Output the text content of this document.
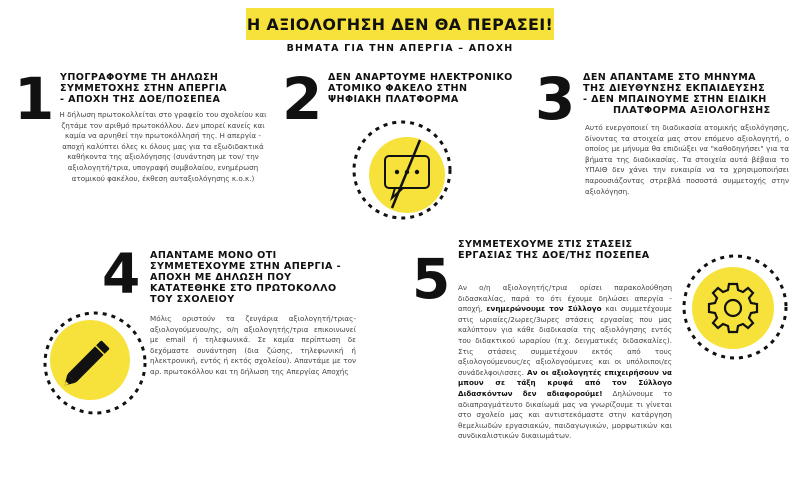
Η ΑΞΙΟΛΟΓΗΣΗ ΔΕΝ ΘΑ ΠΕΡΑΣΕΙ!
ΒΗΜΑΤΑ ΓΙΑ ΤΗΝ ΑΠΕΡΓΙΑ – ΑΠΟΧΗ
1 ΥΠΟΓΡΑΦΟΥΜΕ ΤΗ ΔΗΛΩΣΗ
ΣΥΜΜΕΤΟΧΗΣ ΣΤΗΝ ΑΠΕΡΓΙΑ
- ΑΠΟΧΗ ΤΗΣ ΔΟΕ/ΠΟΣΕΠΕΑ
Η δήλωση πρωτοκολλείται στο γραφείο του σχολείου και ζητάμε τον αριθμό πρωτοκόλλου. Δεν μπορεί κανείς και καμία να αρνηθεί την πρωτοκόλλησή της. Η απεργία - αποχή καλύπτει όλες κι όλους μας για τα εξωδιδακτικά καθήκοντα της αξιολόγησης (συνάντηση με τον/ την αξιολογητή/τρια, υπογραφή συμβολαίου, ενημέρωση ατομικού φακέλου, έκθεση αυταξιολόγησης κ.ο.κ.)
2 ΔΕΝ ΑΝΑΡΤΟΥΜΕ ΗΛΕΚΤΡΟΝΙΚΟ
ΑΤΟΜΙΚΟ ΦΑΚΕΛΟ ΣΤΗΝ
ΨΗΦΙΑΚΗ ΠΛΑΤΦΟΡΜΑ	3 ΔΕΝ ΑΠΑΝΤΑΜΕ ΣΤΟ ΜΗΝΥΜΑ
ΤΗΣ ΔΙΕΥΘΥΝΣΗΣ ΕΚΠΑΙΔΕΥΣΗΣ
- ΔΕΝ ΜΠΑΙΝΟΥΜΕ ΣΤΗΝ ΕΙΔΙΚΗ
ΠΛΑΤΦΟΡΜΑ ΑΞΙΟΛΟΓΗΣΗΣ
Αυτό ενεργοποιεί τη διαδικασία ατομικής αξιολόγησης, δίνοντας τα στοιχεία μας στον επόμενο αξιολογητή, ο οποίος με μήνυμα θα επιδιώξει να "καθοδηγήσει" για τα βήματα της διαδικασίας. Τα στοιχεία αυτά βέβαια το ΥΠΑΙΘ δεν χάνει την ευκαιρία να τα χρησιμοποιήσει παρουσιάζοντας στρεβλά ποσοστά συμμετοχής στην αξιολόγηση.
4 ΑΠΑΝΤΑΜΕ ΜΟΝΟ ΟΤΙ
ΣΥΜΜΕΤΕΧΟΥΜΕ ΣΤΗΝ ΑΠΕΡΓΙΑ -
ΑΠΟΧΗ ΜΕ ΔΗΛΩΣΗ ΠΟΥ
ΚΑΤΑΤΕΘΗΚΕ ΣΤΟ ΠΡΩΤΟΚΟΛΛΟ
ΤΟΥ ΣΧΟΛΕΙΟΥ
Μόλις οριστούν τα ζευγάρια αξιολογητή/τριας-αξιολογούμενου/ης, ο/η αξιολογητής/τρια επικοινωνεί με email ή τηλεφωνικά. Σε καμία περίπτωση δε δεχόμαστε συνάντηση (δια ζώσης, τηλεφωνική ή ηλεκτρονική, εντός ή εκτός σχολείου). Απαντάμε με τον αρ. πρωτοκόλλου και τη δήλωση της Απεργίας Αποχής
5
ΣΥΜΜΕΤΕΧΟΥΜΕ ΣΤΙΣ ΣΤΑΣΕΙΣ
ΕΡΓΑΣΙΑΣ ΤΗΣ ΔΟΕ/ΤΗΣ ΠΟΣΕΠΕΑ
Αν ο/η αξιολογητής/τρια ορίσει παρακολούθηση διδασκαλίας, παρά το ότι έχουμε δηλώσει απεργία - αποχή, ενημερώνουμε τον Σύλλογο και συμμετέχουμε στις ωριαίες/2ωρες/3ωρες στάσεις εργασίας που μας καλύπτουν για κάθε διαδικασία της αξιολόγησης εντός του διδακτικού ωραρίου (π.χ. δειγματικές διδασκαλίες). Στις στάσεις συμμετέχουν εκτός από τους αξιολογούμενους/ες αξιολογούμενες και οι υπόλοιποι/ες συνάδελφοι/ισσες. Αν οι αξιολογητές επιχειρήσουν να μπουν σε τάξη κρυφά από τον Σύλλογο Διδασκόντων δεν αδιαφορούμε! Δηλώνουμε το αδιαπραγμάτευτο δικαίωμά μας να γνωρίζουμε τι γίνεται στο σχολείο μας και αντιστεκόμαστε στην κατάργηση θεμελιωδών εργασιακών, παιδαγωγικών, μορφωτικών και συνδικαλιστικών δικαιωμάτων.
